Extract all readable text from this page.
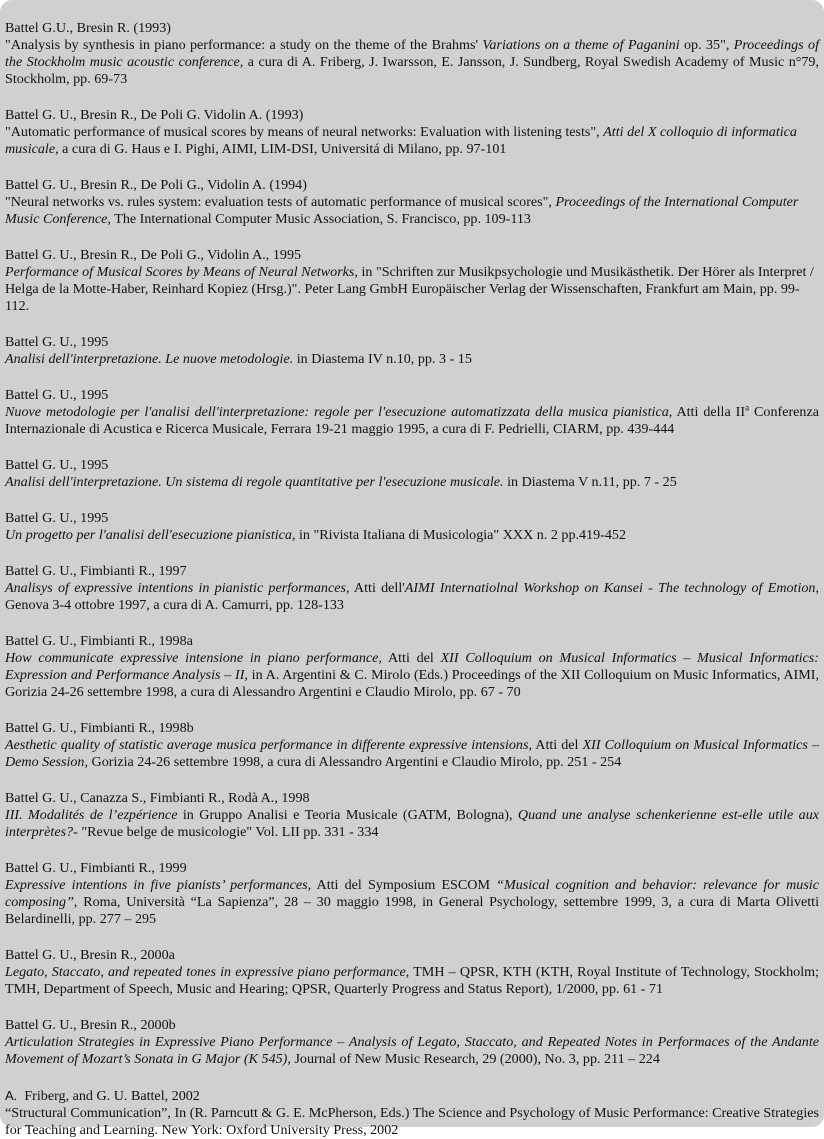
Battel G.U., Bresin R. (1993)
"Analysis by synthesis in piano performance: a study on the theme of the Brahms' Variations on a theme of Paganini op. 35", Proceedings of the Stockholm music acoustic conference, a cura di A. Friberg, J. Iwarsson, E. Jansson, J. Sundberg, Royal Swedish Academy of Music n°79, Stockholm, pp. 69-73
Battel G. U., Bresin R., De Poli G. Vidolin A. (1993)
"Automatic performance of musical scores by means of neural networks: Evaluation with listening tests", Atti del X colloquio di informatica musicale, a cura di G. Haus e I. Pighi, AIMI, LIM-DSI, Universitá di Milano, pp. 97-101
Battel G. U., Bresin R., De Poli G., Vidolin A. (1994)
"Neural networks vs. rules system: evaluation tests of automatic performance of musical scores", Proceedings of the International Computer Music Conference, The International Computer Music Association, S. Francisco, pp. 109-113
Battel G. U., Bresin R., De Poli G., Vidolin A., 1995
Performance of Musical Scores by Means of Neural Networks, in "Schriften zur Musikpsychologie und Musikästhetik. Der Hörer als Interpret / Helga de la Motte-Haber, Reinhard Kopiez (Hrsg.)". Peter Lang GmbH Europäischer Verlag der Wissenschaften, Frankfurt am Main, pp. 99-112.
Battel G. U., 1995
Analisi dell'interpretazione. Le nuove metodologie. in Diastema IV n.10, pp. 3 - 15
Battel G. U., 1995
Nuove metodologie per l'analisi dell'interpretazione: regole per l'esecuzione automatizzata della musica pianistica, Atti della $II^a$ Conferenza Internazionale di Acustica e Ricerca Musicale, Ferrara 19-21 maggio 1995, a cura di F. Pedrielli, CIARM, pp. 439-444
Battel G. U., 1995
Analisi dell'interpretazione. Un sistema di regole quantitative per l'esecuzione musicale. in Diastema V n.11, pp. 7 - 25
Battel G. U., 1995
Un progetto per l'analisi dell'esecuzione pianistica, in "Rivista Italiana di Musicologia" XXX n. 2 pp.419-452
Battel G. U., Fimbianti R., 1997
Analisys of expressive intentions in pianistic performances, Atti dell'AIMI Internatiolnal Workshop on Kansei - The technology of Emotion, Genova 3-4 ottobre 1997, a cura di A. Camurri, pp. 128-133
Battel G. U., Fimbianti R., 1998a
How communicate expressive intensione in piano performance, Atti del XII Colloquium on Musical Informatics – Musical Informatics: Expression and Performance Analysis – II, in A. Argentini & C. Mirolo (Eds.) Proceedings of the XII Colloquium on Music Informatics, AIMI, Gorizia 24-26 settembre 1998, a cura di Alessandro Argentini e Claudio Mirolo, pp. 67 - 70
Battel G. U., Fimbianti R., 1998b
Aesthetic quality of statistic average musica performance in differente expressive intensions, Atti del XII Colloquium on Musical Informatics – Demo Session, Gorizia 24-26 settembre 1998, a cura di Alessandro Argentini e Claudio Mirolo, pp. 251 - 254
Battel G. U., Canazza S., Fimbianti R., Rodà A., 1998
III. Modalités de l’ezpérience in Gruppo Analisi e Teoria Musicale (GATM, Bologna), Quand une analyse schenkerienne est-elle utile aux interprètes?- "Revue belge de musicologie" Vol. LII pp. 331 - 334
Battel G. U., Fimbianti R., 1999
Expressive intentions in five pianists’ performances, Atti del Symposium ESCOM “Musical cognition and behavior: relevance for music composing”, Roma, Università “La Sapienza”, 28 – 30 maggio 1998, in General Psychology, settembre 1999, 3, a cura di Marta Olivetti Belardinelli, pp. 277 – 295
Battel G. U., Bresin R., 2000a
Legato, Staccato, and repeated tones in expressive piano performance, TMH – QPSR, KTH (KTH, Royal Institute of Technology, Stockholm; TMH, Department of Speech, Music and Hearing; QPSR, Quarterly Progress and Status Report), 1/2000, pp. 61 - 71
Battel G. U., Bresin R., 2000b
Articulation Strategies in Expressive Piano Performance – Analysis of Legato, Staccato, and Repeated Notes in Performaces of the Andante Movement of Mozart’s Sonata in G Major (K 545), Journal of New Music Research, 29 (2000), No. 3, pp. 211 – 224
A.  Friberg, and G. U. Battel, 2002
“Structural Communication”, In (R. Parncutt & G. E. McPherson, Eds.) The Science and Psychology of Music Performance: Creative Strategies for Teaching and Learning. New York: Oxford University Press, 2002
